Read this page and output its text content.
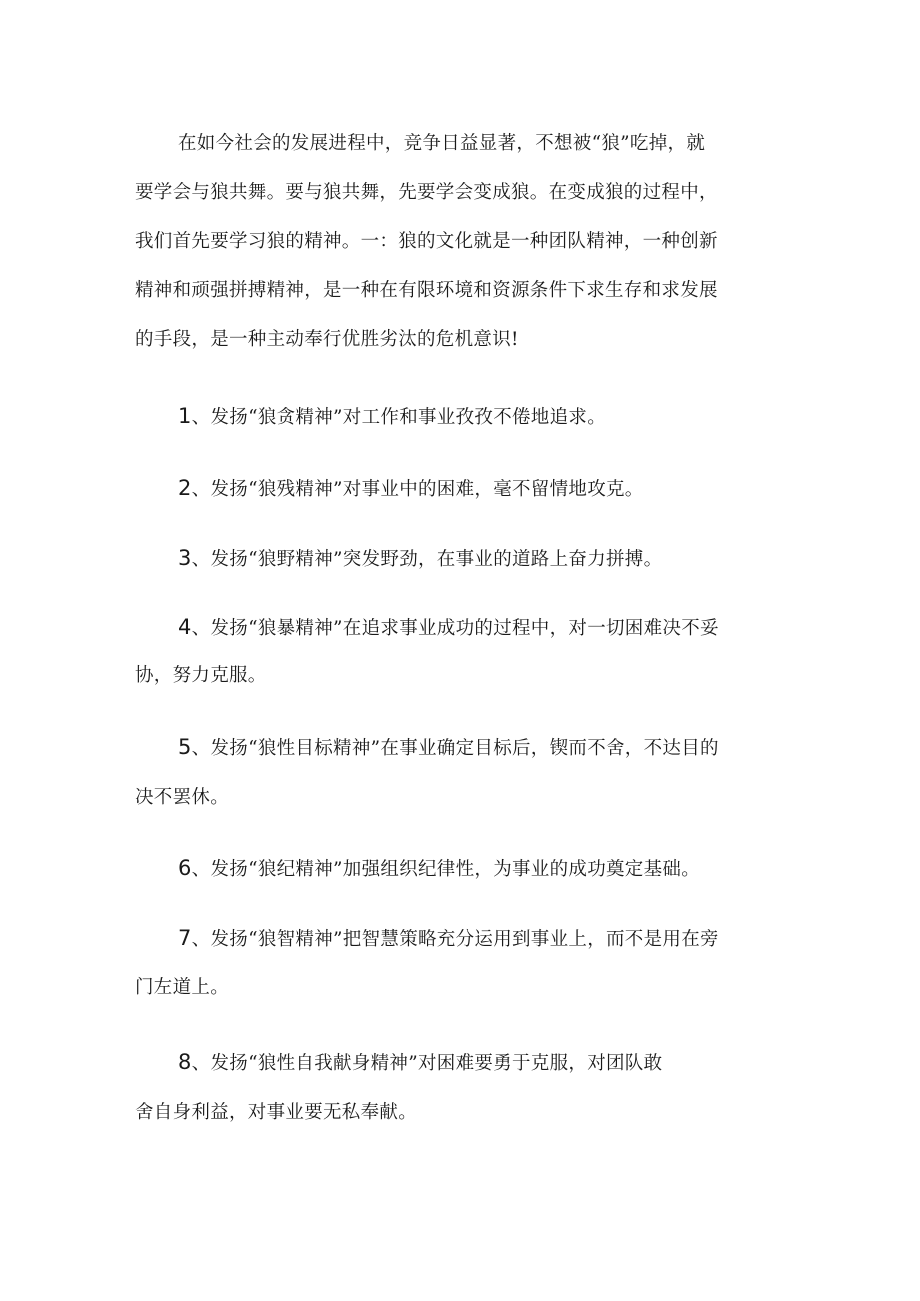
在如今社会的发展进程中，竞争日益显著，不想被“狼”吃掉，就
要学会与狼共舞。要与狼共舞，先要学会变成狼。在变成狼的过程中，
我们首先要学习狼的精神。一：狼的文化就是一种团队精神，一种创新
精神和顽强拼搏精神，是一种在有限环境和资源条件下求生存和求发展
的手段，是一种主动奉行优胜劣汰的危机意识!
1、发扬“狼贪精神”对工作和事业孜孜不倦地追求。
2、发扬“狼残精神”对事业中的困难，毫不留情地攻克。
3、发扬“狼野精神”突发野劲，在事业的道路上奋力拼搏。
4、发扬“狼暴精神”在追求事业成功的过程中，对一切困难决不妥
协，努力克服。
5、发扬“狼性目标精神”在事业确定目标后，锲而不舍，不达目的
决不罢休。
6、发扬“狼纪精神”加强组织纪律性，为事业的成功奠定基础。
7、发扬“狼智精神”把智慧策略充分运用到事业上，而不是用在旁
门左道上。
8、发扬“狼性自我献身精神”对困难要勇于克服，对团队敢
舍自身利益，对事业要无私奉献。
